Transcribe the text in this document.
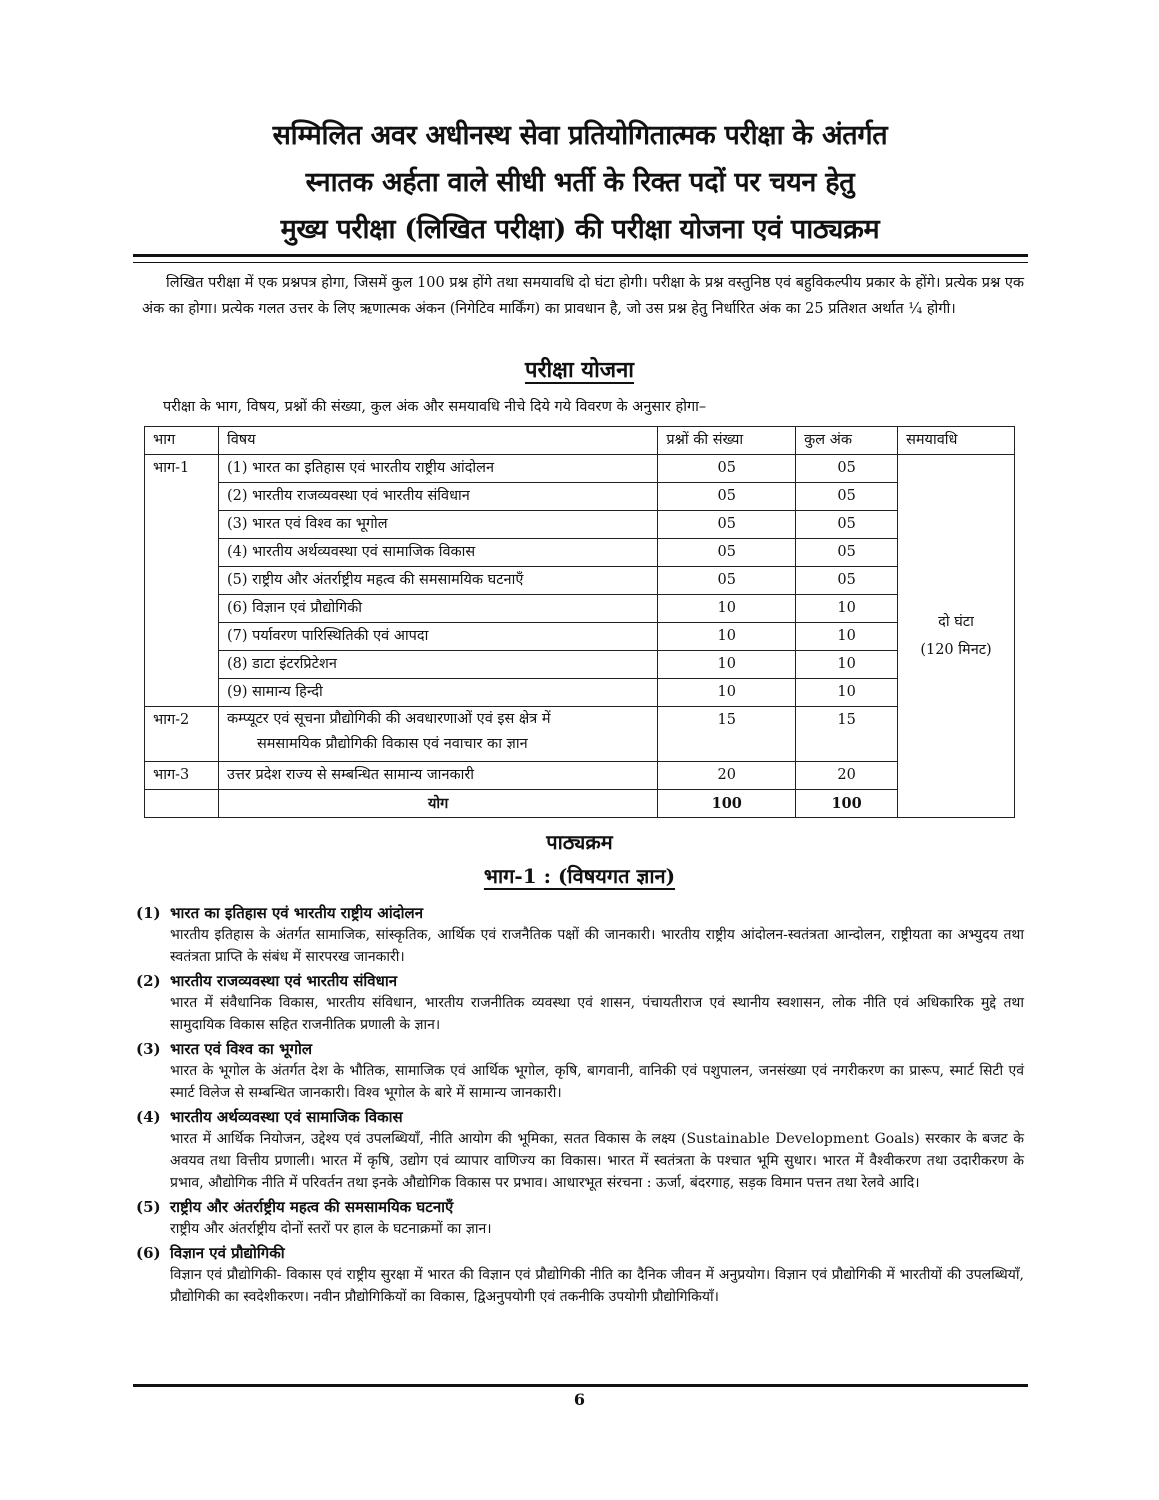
सम्मिलित अवर अधीनस्थ सेवा प्रतियोगितात्मक परीक्षा के अंतर्गत
स्नातक अर्हता वाले सीधी भर्ती के रिक्त पदों पर चयन हेतु
मुख्य परीक्षा (लिखित परीक्षा) की परीक्षा योजना एवं पाठ्यक्रम
लिखित परीक्षा में एक प्रश्नपत्र होगा, जिसमें कुल 100 प्रश्न होंगे तथा समयावधि दो घंटा होगी। परीक्षा के प्रश्न वस्तुनिष्ठ एवं बहुविकल्पीय प्रकार के होंगे। प्रत्येक प्रश्न एक अंक का होगा। प्रत्येक गलत उत्तर के लिए ऋणात्मक अंकन (निगेटिव मार्किंग) का प्रावधान है, जो उस प्रश्न हेतु निर्धारित अंक का 25 प्रतिशत अर्थात ¼ होगी।
परीक्षा योजना
परीक्षा के भाग, विषय, प्रश्नों की संख्या, कुल अंक और समयावधि नीचे दिये गये विवरण के अनुसार होगा–
भाग	विषय	प्रश्नों की संख्या	कुल अंक	समयावधि
भाग-1	(1) भारत का इतिहास एवं भारतीय राष्ट्रीय आंदोलन	05	05	दो घंटा
(120 मिनट)

	(2) भारतीय राजव्यवस्था एवं भारतीय संविधान	05	05	
	(3) भारत एवं विश्व का भूगोल	05	05	
	(4) भारतीय अर्थव्यवस्था एवं सामाजिक विकास	05	05	
	(5) राष्ट्रीय और अंतर्राष्ट्रीय महत्व की समसामयिक घटनाएँ	05	05	
	(6) विज्ञान एवं प्रौद्योगिकी	10	10	
	(7) पर्यावरण पारिस्थितिकी एवं आपदा	10	10	
	(8) डाटा इंटरप्रिटेशन	10	10	
	(9) सामान्य हिन्दी	10	10	
भाग-2	कम्प्यूटर एवं सूचना प्रौद्योगिकी की अवधारणाओं एवं इस क्षेत्र में
समसामयिक प्रौद्योगिकी विकास एवं नवाचार का ज्ञान	15	15	
भाग-3	उत्तर प्रदेश राज्य से सम्बन्धित सामान्य जानकारी	20	20	
	योग	100	100	
पाठ्यक्रम
भाग-1 : (विषयगत ज्ञान)
(1) भारत का इतिहास एवं भारतीय राष्ट्रीय आंदोलन
भारतीय इतिहास के अंतर्गत सामाजिक, सांस्कृतिक, आर्थिक एवं राजनैतिक पक्षों की जानकारी। भारतीय राष्ट्रीय आंदोलन-स्वतंत्रता आन्दोलन, राष्ट्रीयता का अभ्युदय तथा स्वतंत्रता प्राप्ति के संबंध में सारपरख जानकारी।
(2) भारतीय राजव्यवस्था एवं भारतीय संविधान
भारत में संवैधानिक विकास, भारतीय संविधान, भारतीय राजनीतिक व्यवस्था एवं शासन, पंचायतीराज एवं स्थानीय स्वशासन, लोक नीति एवं अधिकारिक मुद्दे तथा सामुदायिक विकास सहित राजनीतिक प्रणाली के ज्ञान।
(3) भारत एवं विश्व का भूगोल
भारत के भूगोल के अंतर्गत देश के भौतिक, सामाजिक एवं आर्थिक भूगोल, कृषि, बागवानी, वानिकी एवं पशुपालन, जनसंख्या एवं नगरीकरण का प्रारूप, स्मार्ट सिटी एवं स्मार्ट विलेज से सम्बन्धित जानकारी। विश्व भूगोल के बारे में सामान्य जानकारी।
(4) भारतीय अर्थव्यवस्था एवं सामाजिक विकास
भारत में आर्थिक नियोजन, उद्देश्य एवं उपलब्धियाँ, नीति आयोग की भूमिका, सतत विकास के लक्ष्य (Sustainable Development Goals) सरकार के बजट के अवयव तथा वित्तीय प्रणाली। भारत में कृषि, उद्योग एवं व्यापार वाणिज्य का विकास। भारत में स्वतंत्रता के पश्चात भूमि सुधार। भारत में वैश्वीकरण तथा उदारीकरण के प्रभाव, औद्योगिक नीति में परिवर्तन तथा इनके औद्योगिक विकास पर प्रभाव। आधारभूत संरचना : ऊर्जा, बंदरगाह, सड़क विमान पत्तन तथा रेलवे आदि।
(5) राष्ट्रीय और अंतर्राष्ट्रीय महत्व की समसामयिक घटनाएँ
राष्ट्रीय और अंतर्राष्ट्रीय दोनों स्तरों पर हाल के घटनाक्रमों का ज्ञान।
(6) विज्ञान एवं प्रौद्योगिकी
विज्ञान एवं प्रौद्योगिकी- विकास एवं राष्ट्रीय सुरक्षा में भारत की विज्ञान एवं प्रौद्योगिकी नीति का दैनिक जीवन में अनुप्रयोग। विज्ञान एवं प्रौद्योगिकी में भारतीयों की उपलब्धियाँ, प्रौद्योगिकी का स्वदेशीकरण। नवीन प्रौद्योगिकियों का विकास, द्विअनुपयोगी एवं तकनीकि उपयोगी प्रौद्योगिकियाँ।
6
